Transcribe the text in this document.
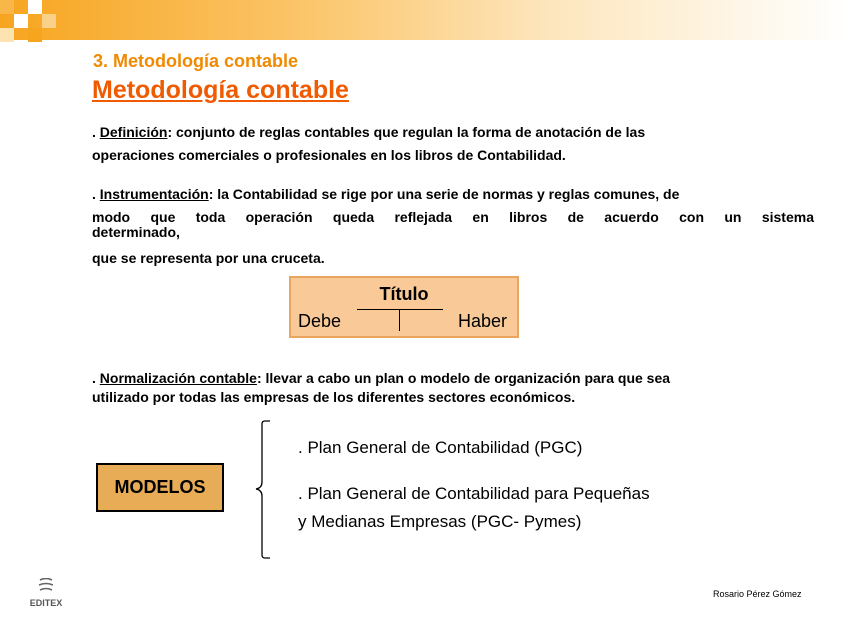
3. Metodología contable
Metodología contable
. Definición: conjunto de reglas contables que regulan la forma de anotación de las
operaciones comerciales o profesionales en los libros de Contabilidad.
. Instrumentación: la Contabilidad se rige por una serie de normas y reglas comunes, de
modo que toda operación queda reflejada en libros de acuerdo con un sistema
determinado,
que se representa por una cruceta.
Título
Debe	Haber
. Normalización contable: llevar a cabo un plan o modelo de organización para que sea
utilizado por todas las empresas de los diferentes sectores económicos.
MODELOS
. Plan General de Contabilidad (PGC)
. Plan General de Contabilidad para Pequeñas
y Medianas Empresas (PGC- Pymes)
EDITEX
Rosario Pérez Gómez
